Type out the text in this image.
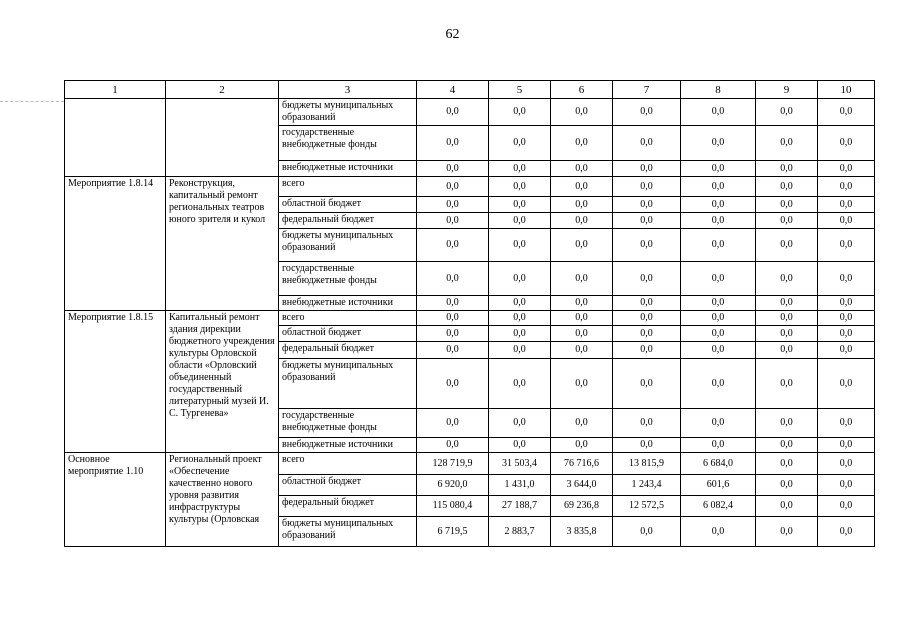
62
1	2	3	4	5	6	7	8	9	10
		бюджеты муниципальных образований	0,0	0,0	0,0	0,0	0,0	0,0	0,0
		государственные внебюджетные фонды	0,0	0,0	0,0	0,0	0,0	0,0	0,0
		внебюджетные источники	0,0	0,0	0,0	0,0	0,0	0,0	0,0
Мероприятие 1.8.14	Реконструкция, капитальный ремонт региональных театров юного зрителя и кукол	всего	0,0	0,0	0,0	0,0	0,0	0,0	0,0
		областной бюджет	0,0	0,0	0,0	0,0	0,0	0,0	0,0
		федеральный бюджет	0,0	0,0	0,0	0,0	0,0	0,0	0,0
		бюджеты муниципальных образований	0,0	0,0	0,0	0,0	0,0	0,0	0,0
		государственные внебюджетные фонды	0,0	0,0	0,0	0,0	0,0	0,0	0,0
		внебюджетные источники	0,0	0,0	0,0	0,0	0,0	0,0	0,0
Мероприятие 1.8.15	Капитальный ремонт здания дирекции бюджетного учреждения культуры Орловской области «Орловский объединенный государственный литературный музей И. С. Тургенева»	всего	0,0	0,0	0,0	0,0	0,0	0,0	0,0
		областной бюджет	0,0	0,0	0,0	0,0	0,0	0,0	0,0
		федеральный бюджет	0,0	0,0	0,0	0,0	0,0	0,0	0,0
		бюджеты муниципальных образований	0,0	0,0	0,0	0,0	0,0	0,0	0,0
		государственные внебюджетные фонды	0,0	0,0	0,0	0,0	0,0	0,0	0,0
		внебюджетные источники	0,0	0,0	0,0	0,0	0,0	0,0	0,0
Основное мероприятие 1.10	Региональный проект «Обеспечение качественно нового уровня развития инфраструктуры культуры (Орловская	всего	128 719,9	31 503,4	76 716,6	13 815,9	6 684,0	0,0	0,0
		областной бюджет	6 920,0	1 431,0	3 644,0	1 243,4	601,6	0,0	0,0
		федеральный бюджет	115 080,4	27 188,7	69 236,8	12 572,5	6 082,4	0,0	0,0
		бюджеты муниципальных образований	6 719,5	2 883,7	3 835,8	0,0	0,0	0,0	0,0
